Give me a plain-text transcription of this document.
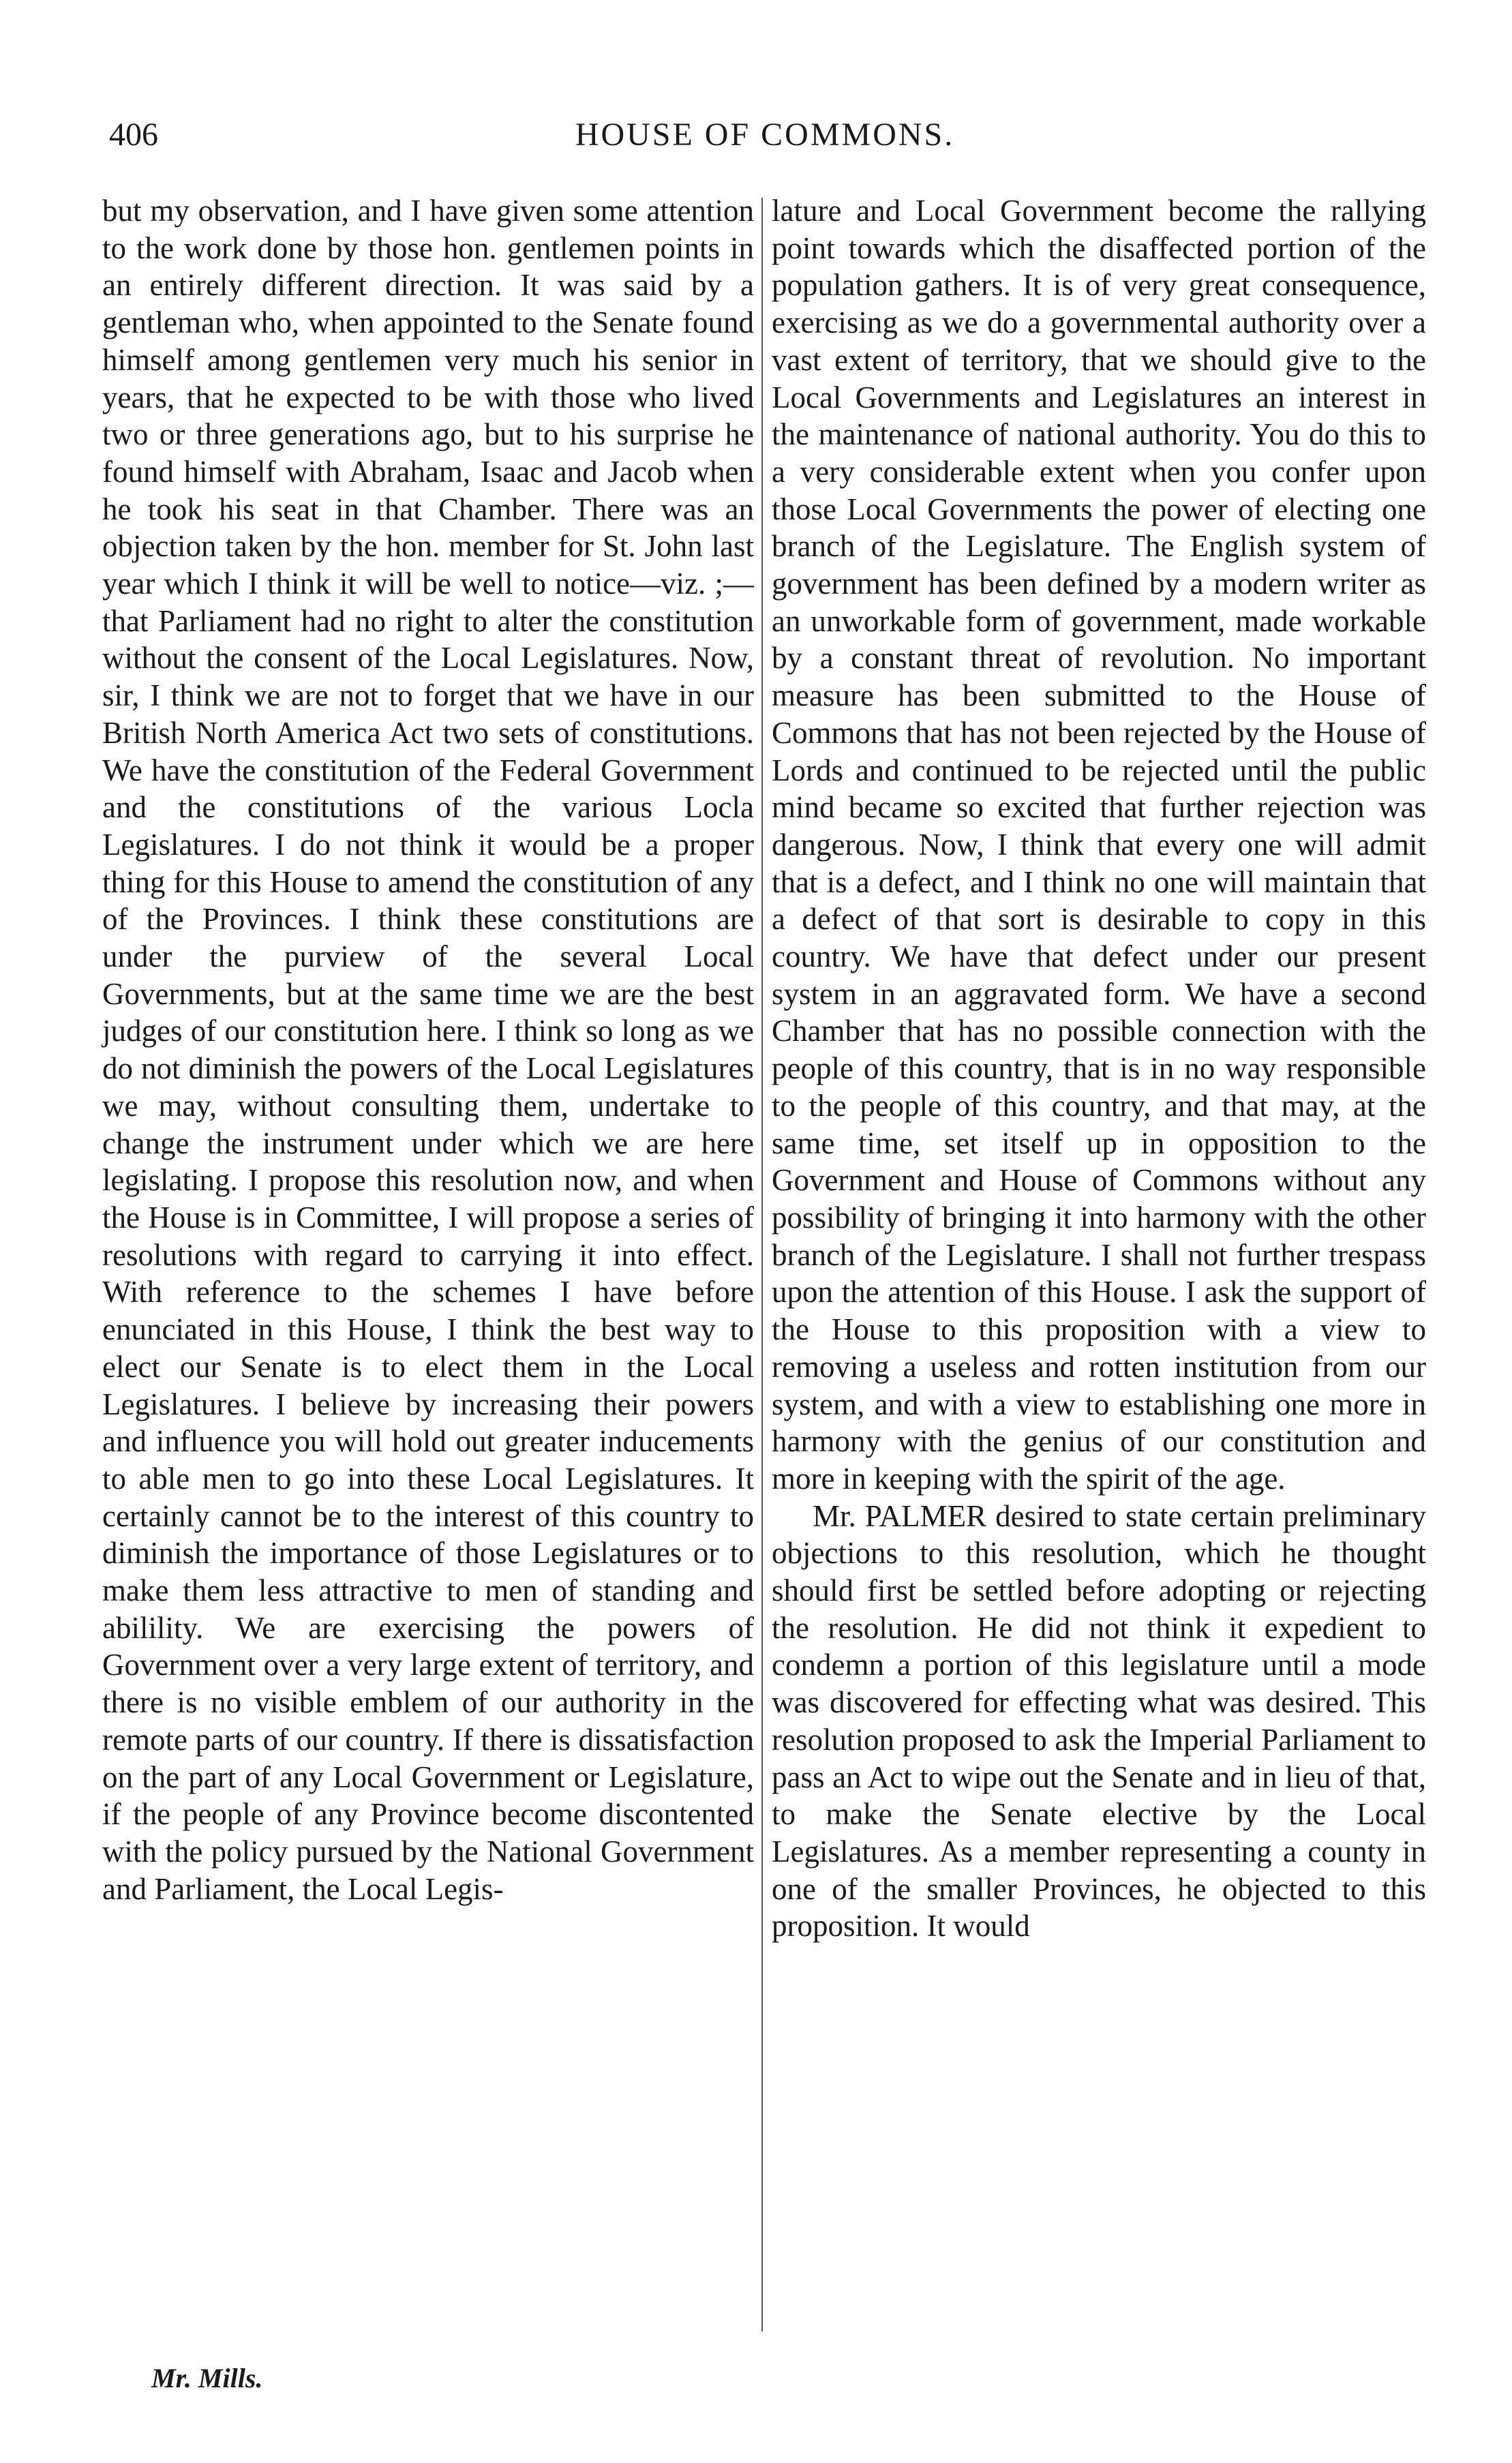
406	HOUSE OF COMMONS.

but my observation, and I have given some attention to the work done by those hon. gentlemen points in an entirely different direction. It was said by a gentleman who, when appointed to the Senate found himself among gentlemen very much his senior in years, that he expected to be with those who lived two or three generations ago, but to his surprise he found himself with Abraham, Isaac and Jacob when he took his seat in that Chamber. There was an objection taken by the hon. member for St. John last year which I think it will be well to notice—viz. ;—that Parliament had no right to alter the constitution without the consent of the Local Legislatures. Now, sir, I think we are not to forget that we have in our British North America Act two sets of constitutions. We have the constitution of the Federal Government and the constitutions of the various Locla Legislatures. I do not think it would be a proper thing for this House to amend the constitution of any of the Provinces. I think these constitutions are under the purview of the several Local Governments, but at the same time we are the best judges of our constitution here. I think so long as we do not diminish the powers of the Local Legislatures we may, without consulting them, undertake to change the instrument under which we are here legislating. I propose this resolution now, and when the House is in Committee, I will propose a series of resolutions with regard to carrying it into effect. With reference to the schemes I have before enunciated in this House, I think the best way to elect our Senate is to elect them in the Local Legislatures. I believe by increasing their powers and influence you will hold out greater inducements to able men to go into these Local Legislatures. It certainly cannot be to the interest of this country to diminish the importance of those Legislatures or to make them less attractive to men of standing and abilility. We are exercising the powers of Government over a very large extent of territory, and there is no visible emblem of our authority in the remote parts of our country. If there is dissatisfaction on the part of any Local Government or Legislature, if the people of any Province become discontented with the policy pursued by the National Government and Parliament, the Local Legis-

lature and Local Government become the rallying point towards which the disaffected portion of the population gathers. It is of very great consequence, exercising as we do a governmental authority over a vast extent of territory, that we should give to the Local Governments and Legislatures an interest in the maintenance of national authority. You do this to a very considerable extent when you confer upon those Local Governments the power of electing one branch of the Legislature. The English system of government has been defined by a modern writer as an unworkable form of government, made workable by a constant threat of revolution. No important measure has been submitted to the House of Commons that has not been rejected by the House of Lords and continued to be rejected until the public mind became so excited that further rejection was dangerous. Now, I think that every one will admit that is a defect, and I think no one will maintain that a defect of that sort is desirable to copy in this country. We have that defect under our present system in an aggravated form. We have a second Chamber that has no possible connection with the people of this country, that is in no way responsible to the people of this country, and that may, at the same time, set itself up in opposition to the Government and House of Commons without any possibility of bringing it into harmony with the other branch of the Legislature. I shall not further trespass upon the attention of this House. I ask the support of the House to this proposition with a view to removing a useless and rotten institution from our system, and with a view to establishing one more in harmony with the genius of our constitution and more in keeping with the spirit of the age.

Mr. PALMER desired to state certain preliminary objections to this resolution, which he thought should first be settled before adopting or rejecting the resolution. He did not think it expedient to condemn a portion of this legislature until a mode was discovered for effecting what was desired. This resolution proposed to ask the Imperial Parliament to pass an Act to wipe out the Senate and in lieu of that, to make the Senate elective by the Local Legislatures. As a member representing a county in one of the smaller Provinces, he objected to this proposition. It would

Mr. Mills.
